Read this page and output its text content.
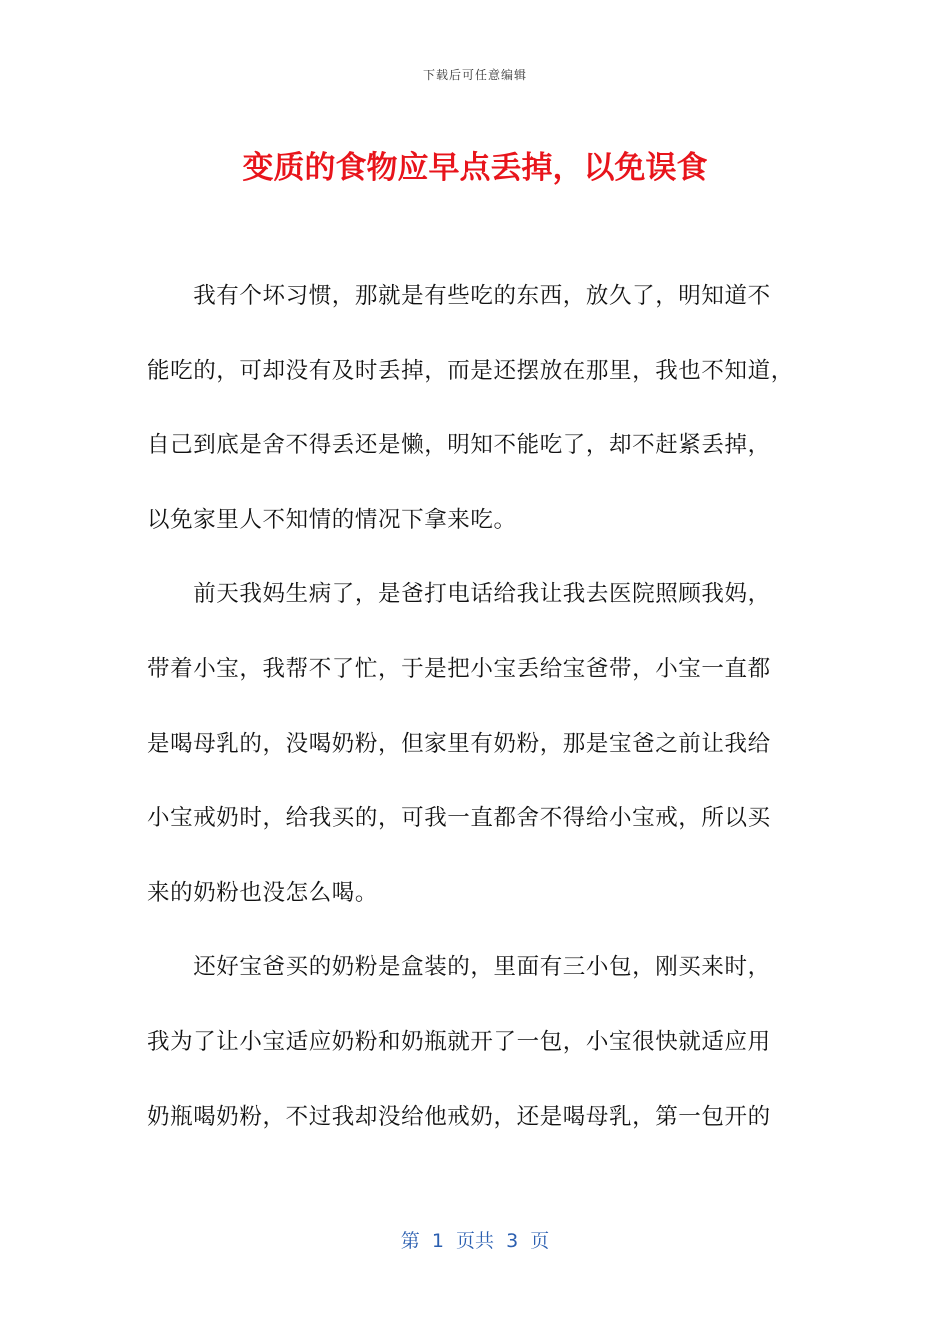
下载后可任意编辑
变质的食物应早点丢掉，以免误食
　　我有个坏习惯，那就是有些吃的东西，放久了，明知道不
能吃的，可却没有及时丢掉，而是还摆放在那里，我也不知道，
自己到底是舍不得丢还是懒，明知不能吃了，却不赶紧丢掉，
以免家里人不知情的情况下拿来吃。
　　前天我妈生病了，是爸打电话给我让我去医院照顾我妈，
带着小宝，我帮不了忙，于是把小宝丢给宝爸带，小宝一直都
是喝母乳的，没喝奶粉，但家里有奶粉，那是宝爸之前让我给
小宝戒奶时，给我买的，可我一直都舍不得给小宝戒，所以买
来的奶粉也没怎么喝。
　　还好宝爸买的奶粉是盒装的，里面有三小包，刚买来时，
我为了让小宝适应奶粉和奶瓶就开了一包，小宝很快就适应用
奶瓶喝奶粉，不过我却没给他戒奶，还是喝母乳，第一包开的
第  1  页共  3  页
